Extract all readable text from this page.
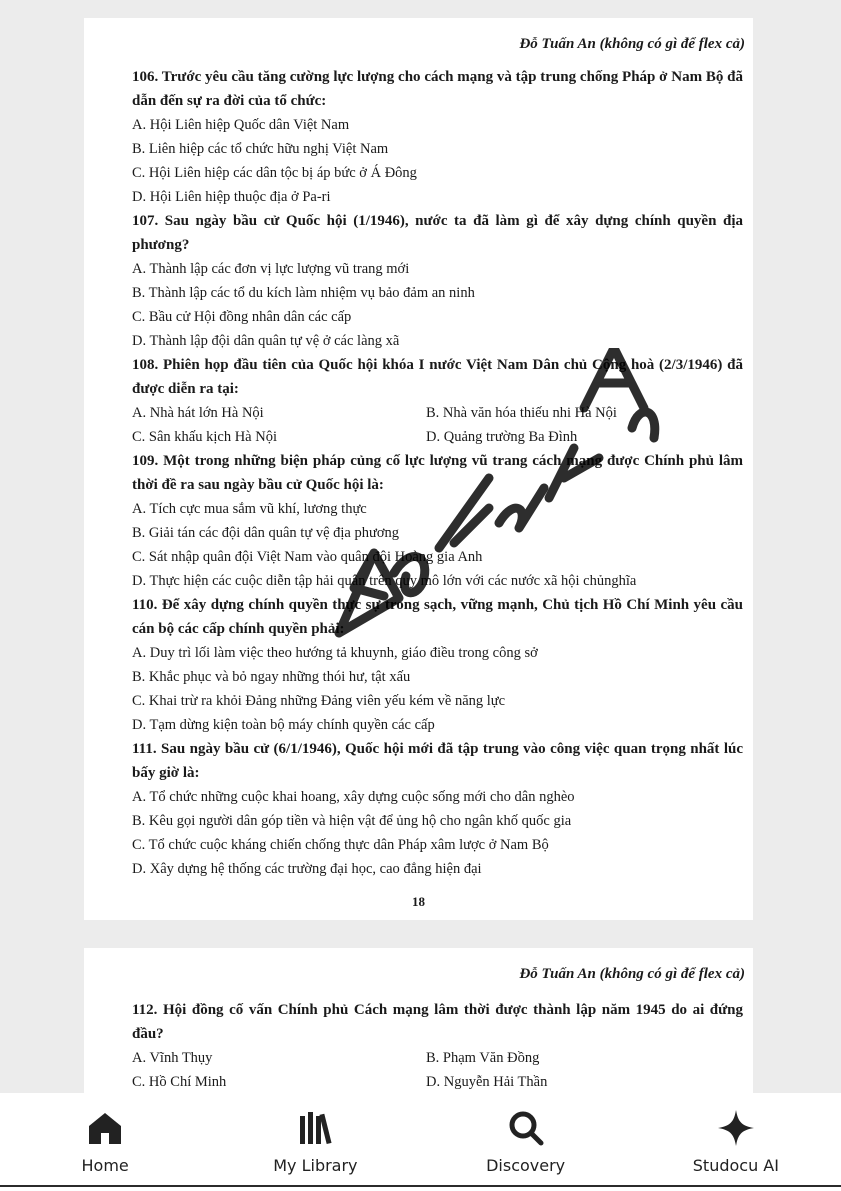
Đỗ Tuấn An (không có gì để flex cả)
106. Trước yêu cầu tăng cường lực lượng cho cách mạng và tập trung chống Pháp ở Nam Bộ đã dẫn đến sự ra đời của tổ chức:
A. Hội Liên hiệp Quốc dân Việt Nam
B. Liên hiệp các tổ chức hữu nghị Việt Nam
C. Hội Liên hiệp các dân tộc bị áp bức ở Á Đông
D. Hội Liên hiệp thuộc địa ở Pa-ri
107. Sau ngày bầu cử Quốc hội (1/1946), nước ta đã làm gì để xây dựng chính quyền địa phương?
A. Thành lập các đơn vị lực lượng vũ trang mới
B. Thành lập các tổ du kích làm nhiệm vụ bảo đảm an ninh
C. Bầu cử Hội đồng nhân dân các cấp
D. Thành lập đội dân quân tự vệ ở các làng xã
108. Phiên họp đầu tiên của Quốc hội khóa I nước Việt Nam Dân chủ Cộng hoà (2/3/1946) đã được diễn ra tại:
A. Nhà hát lớn Hà Nội	B. Nhà văn hóa thiếu nhi Hà Nội
C. Sân khấu kịch Hà Nội	D. Quảng trường Ba Đình
109. Một trong những biện pháp củng cố lực lượng vũ trang cách mạng được Chính phủ lâm thời đề ra sau ngày bầu cử Quốc hội là:
A. Tích cực mua sắm vũ khí, lương thực
B. Giải tán các đội dân quân tự vệ địa phương
C. Sát nhập quân đội Việt Nam vào quân đội Hoàng gia Anh
D. Thực hiện các cuộc diễn tập hải quân trên quy mô lớn với các nước xã hội chủnghĩa
110. Để xây dựng chính quyền thực sự trong sạch, vững mạnh, Chủ tịch Hồ Chí Minh yêu cầu cán bộ các cấp chính quyền phải:
A. Duy trì lối làm việc theo hướng tả khuynh, giáo điều trong công sở
B. Khắc phục và bỏ ngay những thói hư, tật xấu
C. Khai trừ ra khỏi Đảng những Đảng viên yếu kém về năng lực
D. Tạm dừng kiện toàn bộ máy chính quyền các cấp
111. Sau ngày bầu cử (6/1/1946), Quốc hội mới đã tập trung vào công việc quan trọng nhất lúc bấy giờ là:
A. Tổ chức những cuộc khai hoang, xây dựng cuộc sống mới cho dân nghèo
B. Kêu gọi người dân góp tiền và hiện vật để ủng hộ cho ngân khố quốc gia
C. Tổ chức cuộc kháng chiến chống thực dân Pháp xâm lược ở Nam Bộ
D. Xây dựng hệ thống các trường đại học, cao đẳng hiện đại
18
Đỗ Tuấn An (không có gì để flex cả)
112. Hội đồng cố vấn Chính phủ Cách mạng lâm thời được thành lập năm 1945 do ai đứng đầu?
A. Vĩnh Thụy	B. Phạm Văn Đồng
C. Hồ Chí Minh	D. Nguyễn Hải Thần
Home	My Library	Discovery	Studocu AI
